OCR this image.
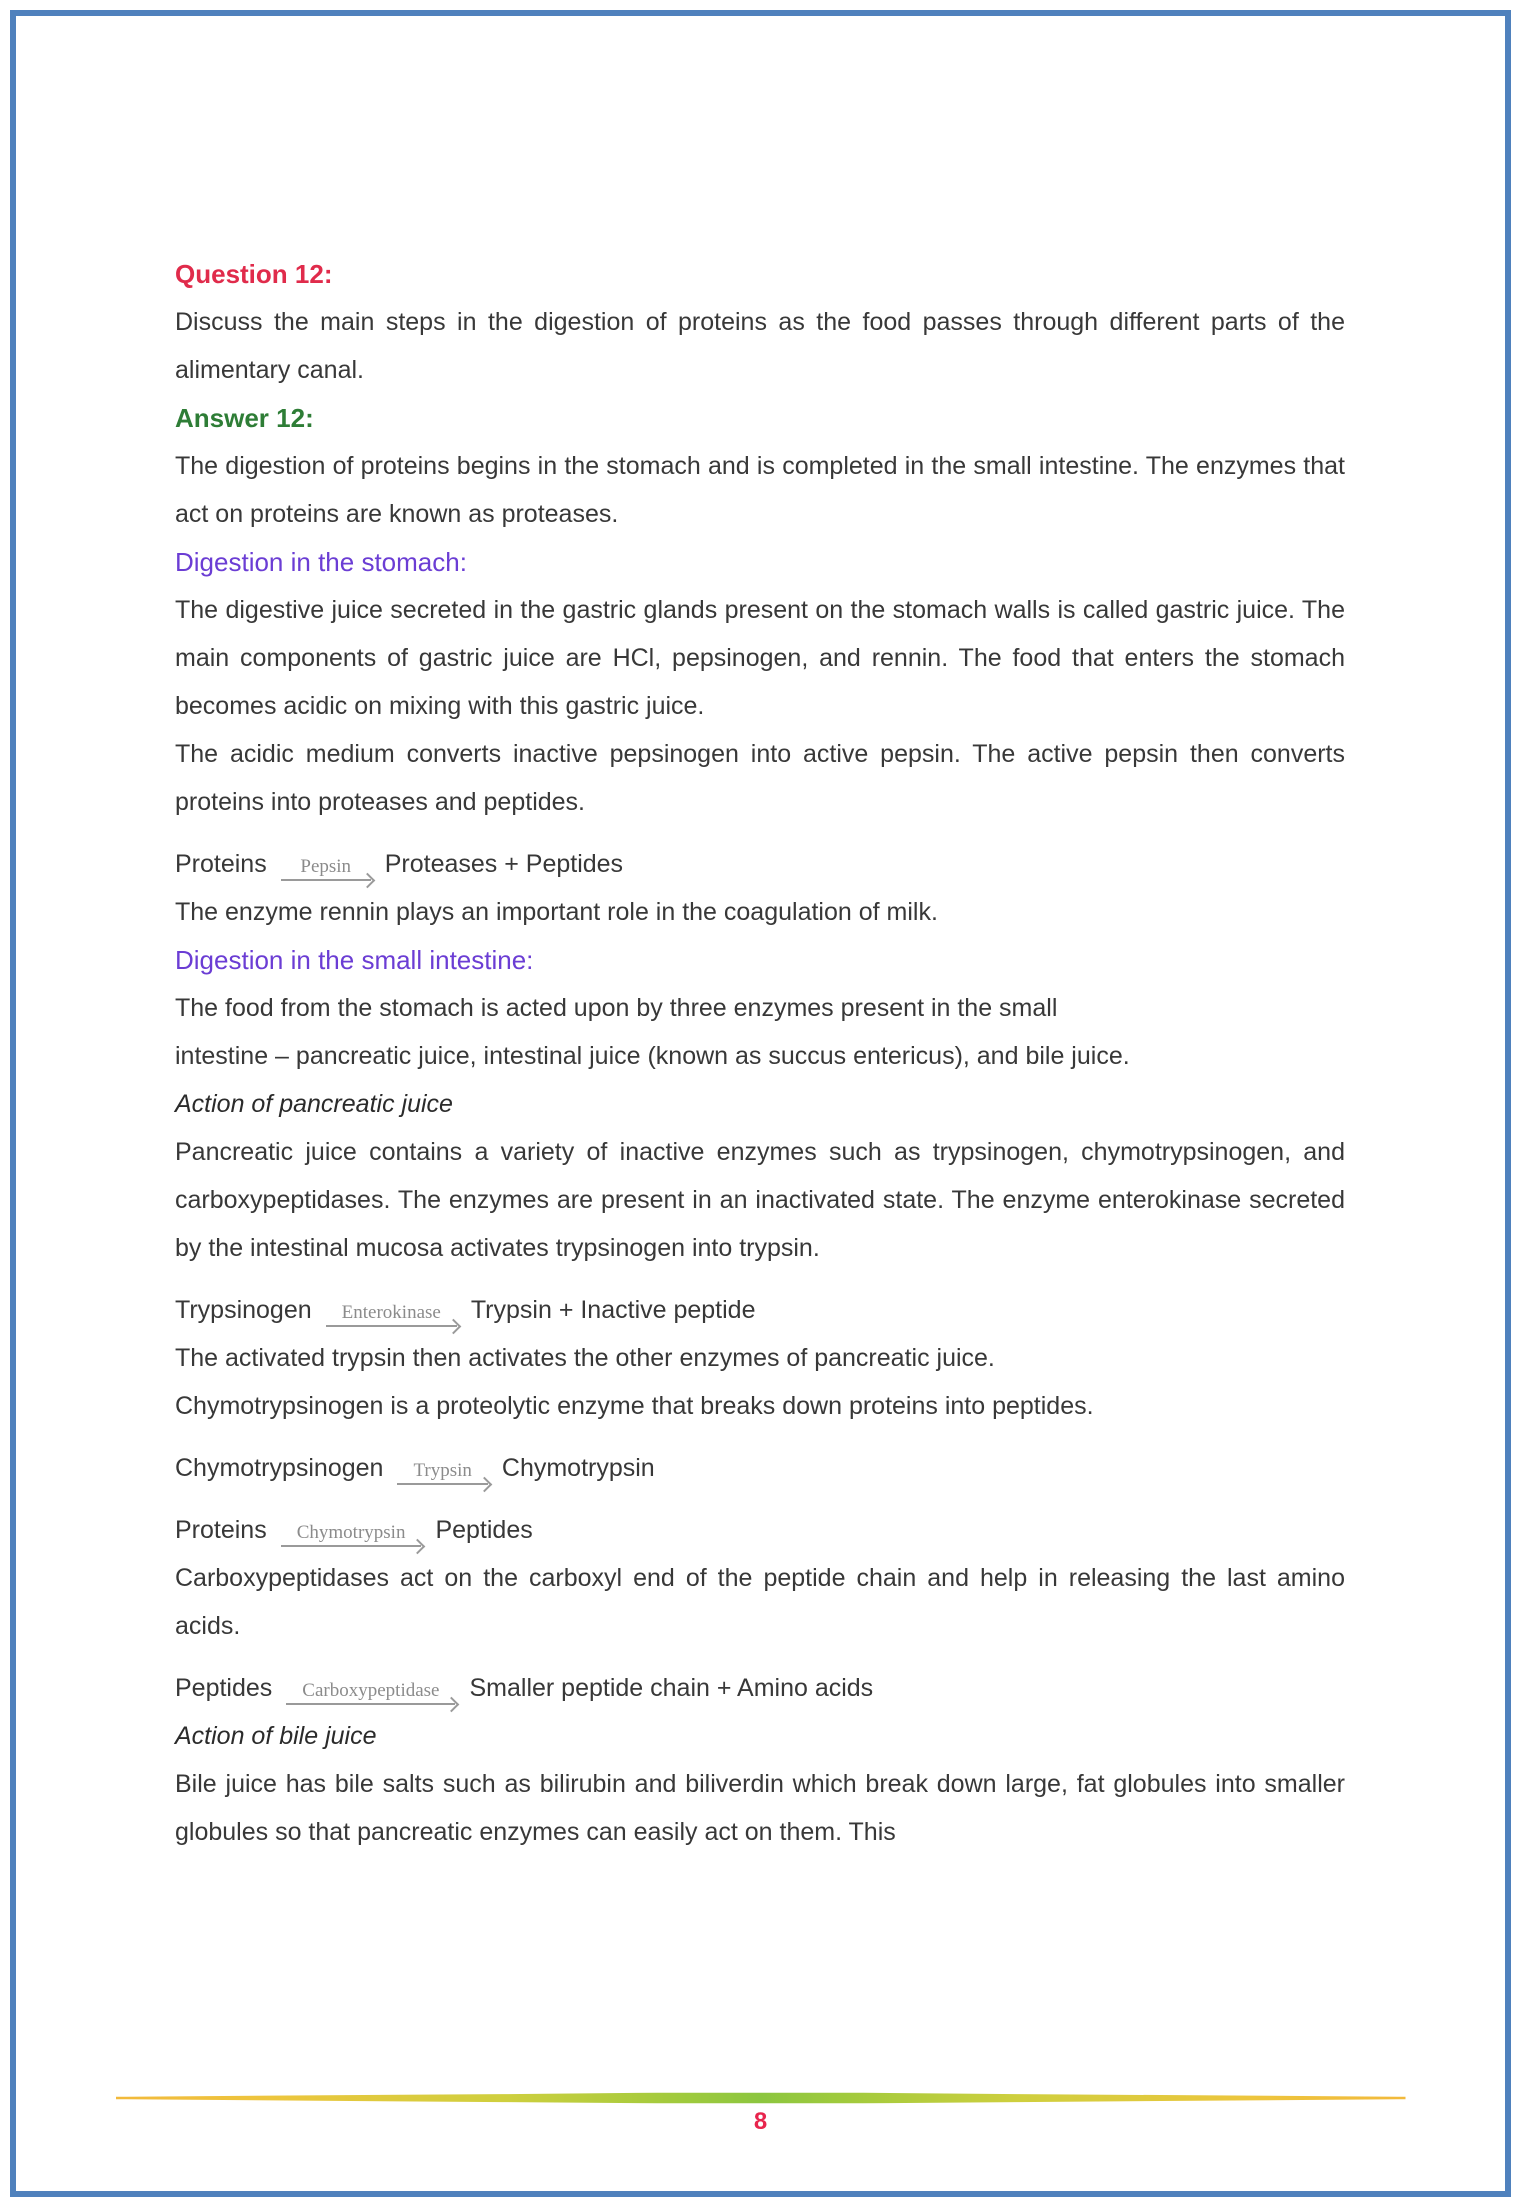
Question 12:

Discuss the main steps in the digestion of proteins as the food passes through different parts of the alimentary canal.

Answer 12:

The digestion of proteins begins in the stomach and is completed in the small intestine. The enzymes that act on proteins are known as proteases.

Digestion in the stomach:

The digestive juice secreted in the gastric glands present on the stomach walls is called gastric juice. The main components of gastric juice are HCl, pepsinogen, and rennin. The food that enters the stomach becomes acidic on mixing with this gastric juice.

The acidic medium converts inactive pepsinogen into active pepsin. The active pepsin then converts proteins into proteases and peptides.

Proteins	Pepsin	Proteases + Peptides

The enzyme rennin plays an important role in the coagulation of milk.

Digestion in the small intestine:

The food from the stomach is acted upon by three enzymes present in the small
intestine – pancreatic juice, intestinal juice (known as succus entericus), and bile juice.

Action of pancreatic juice

Pancreatic juice contains a variety of inactive enzymes such as trypsinogen, chymotrypsinogen, and carboxypeptidases. The enzymes are present in an inactivated state. The enzyme enterokinase secreted by the intestinal mucosa activates trypsinogen into trypsin.

Trypsinogen	Enterokinase	Trypsin + Inactive peptide

The activated trypsin then activates the other enzymes of pancreatic juice.

Chymotrypsinogen is a proteolytic enzyme that breaks down proteins into peptides.

Chymotrypsinogen	Trypsin	Chymotrypsin
Proteins	Chymotrypsin	Peptides

Carboxypeptidases act on the carboxyl end of the peptide chain and help in releasing the last amino acids.

Peptides	Carboxypeptidase	Smaller peptide chain + Amino acids
Action of bile juice

Bile juice has bile salts such as bilirubin and biliverdin which break down large, fat globules into smaller globules so that pancreatic enzymes can easily act on them. This

8
